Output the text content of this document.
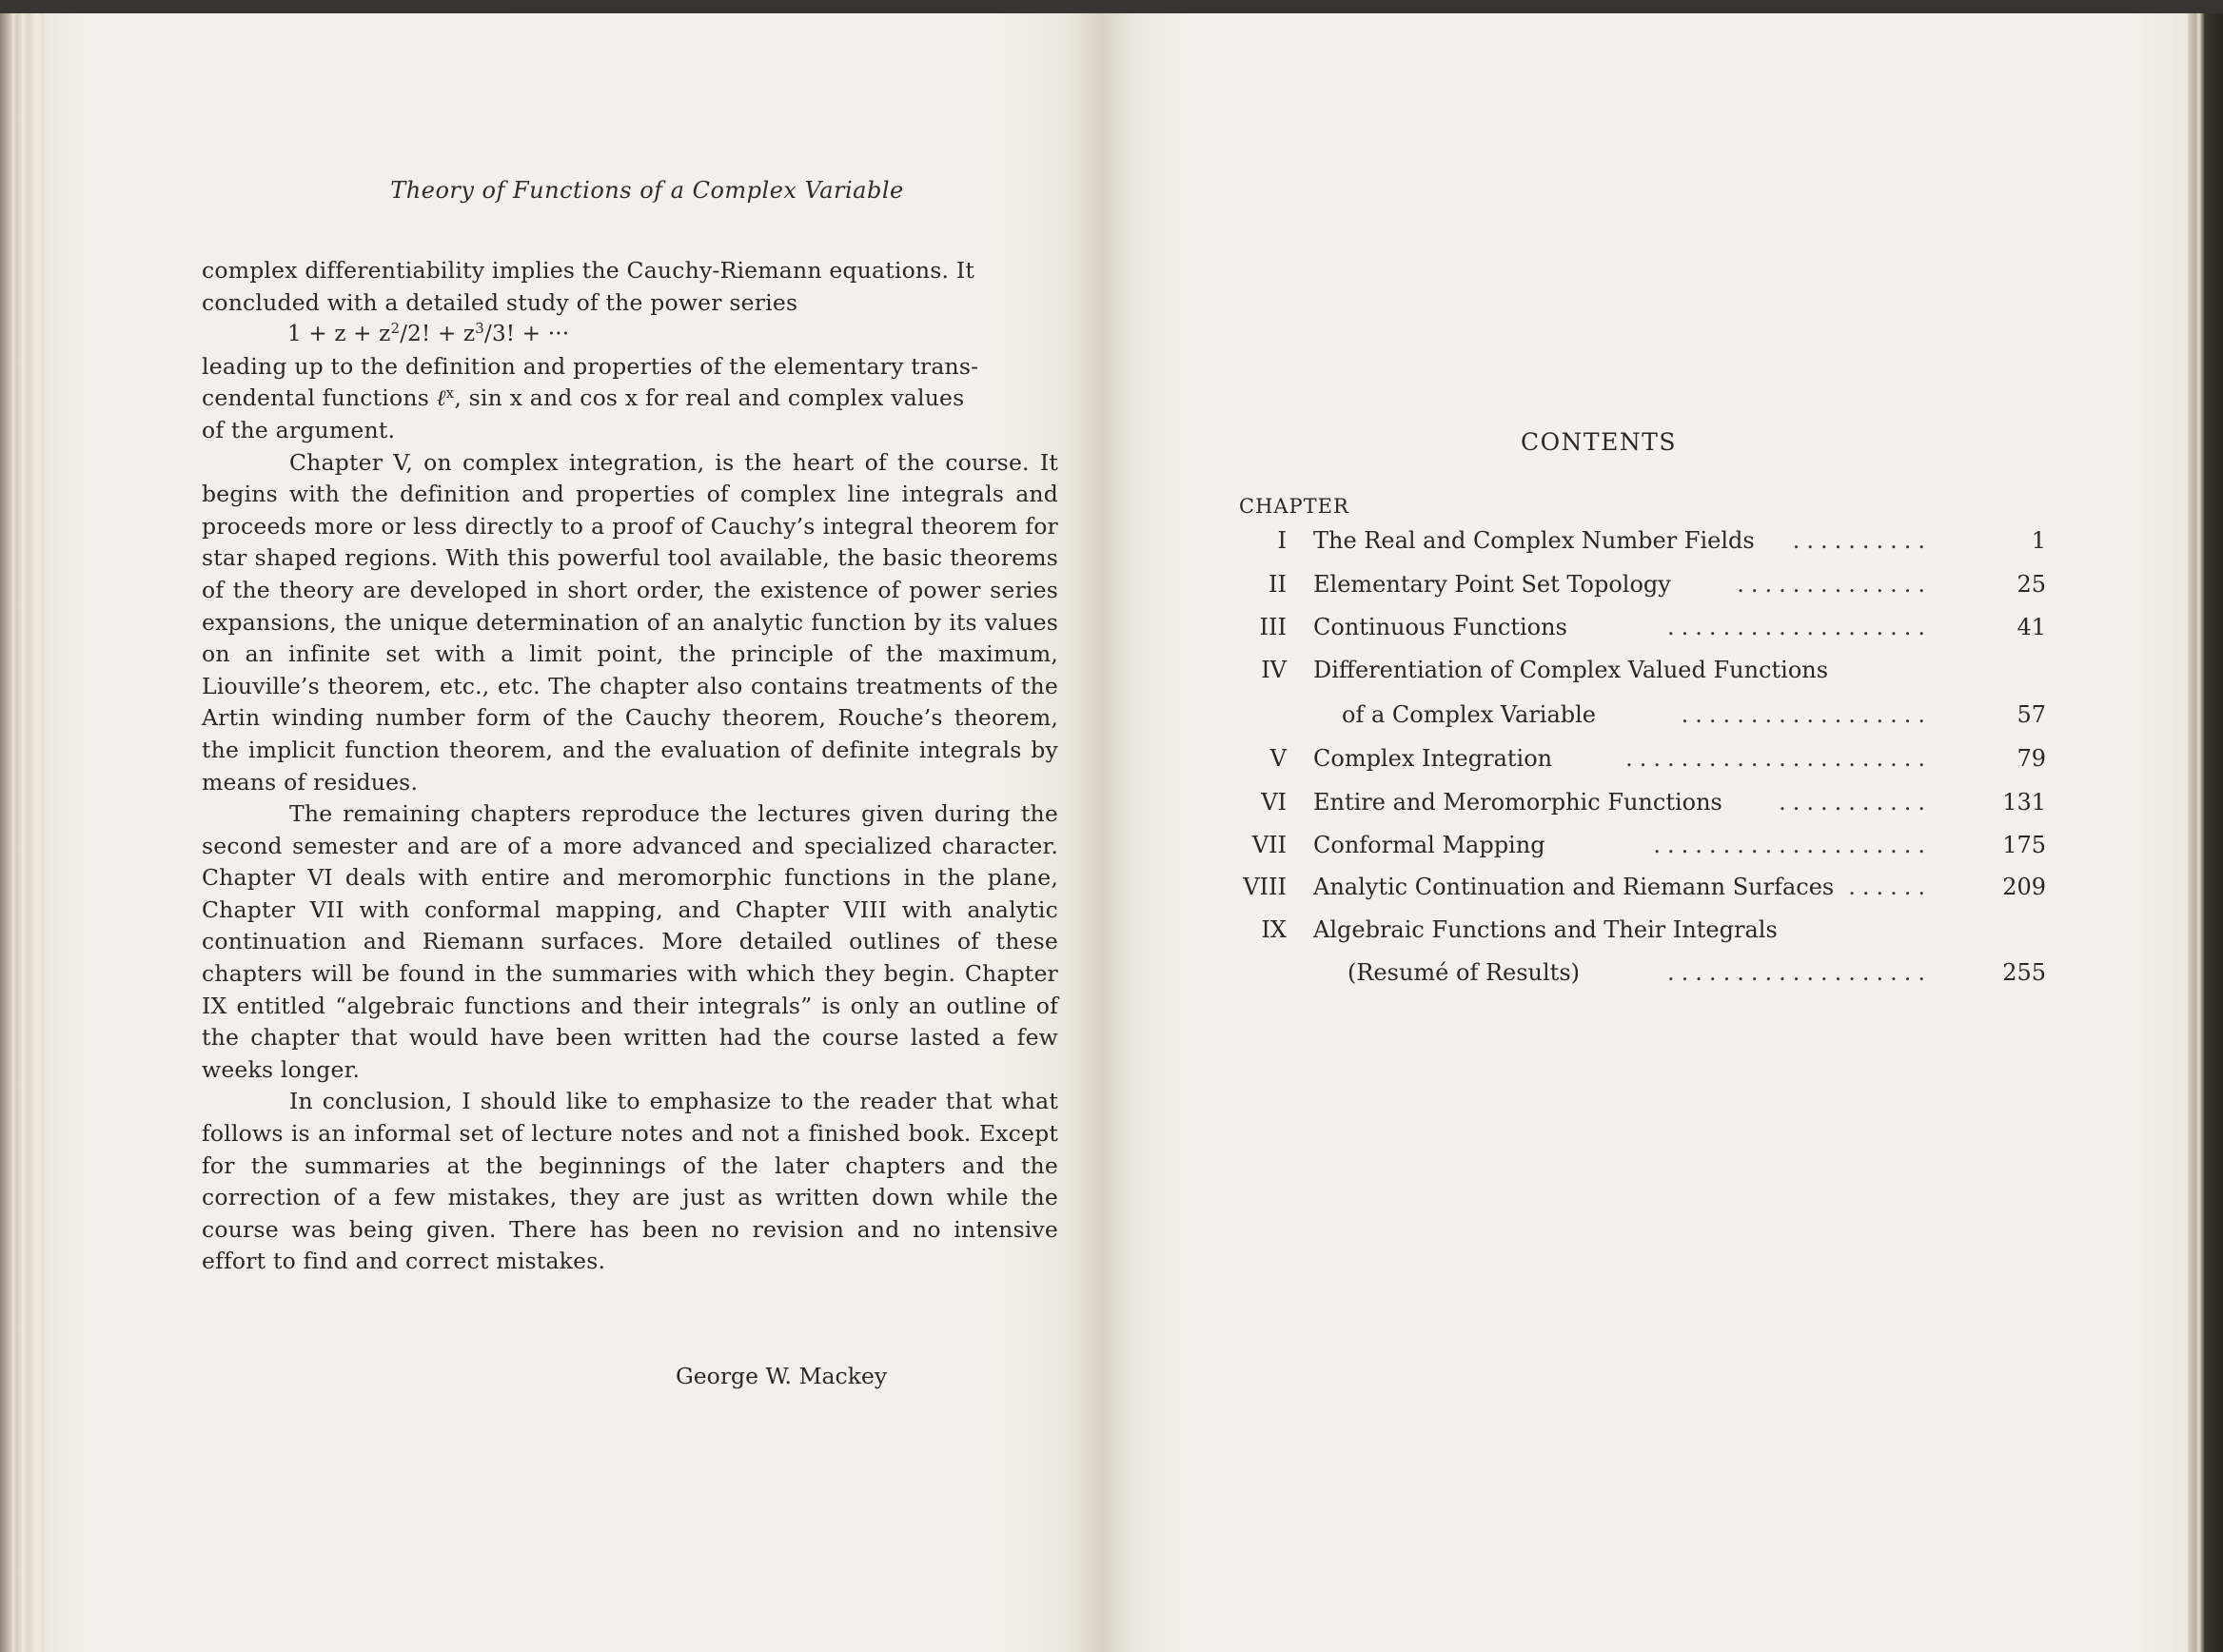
Theory of Functions of a Complex Variable

complex differentiability implies the Cauchy-Riemann equations. It

concluded with a detailed study of the power series

$1 + z + z^2/2$! + $z^3/3$! + ···

leading up to the definition and properties of the elementary trans-

cendental functions ℓ$^x$, sin x and cos x for real and complex values

of the argument.

Chapter V, on complex integration, is the heart of the course. It begins with the definition and properties of complex line integrals and proceeds more or less directly to a proof of Cauchy’s integral theorem for star shaped regions. With this powerful tool available, the basic theorems of the theory are developed in short order, the existence of power series expansions, the unique determination of an analytic function by its values on an infinite set with a limit point, the principle of the maximum, Liouville’s theorem, etc., etc. The chapter also contains treatments of the Artin winding number form of the Cauchy theorem, Rouche’s theorem, the implicit function theorem, and the evaluation of definite integrals by means of residues.

The remaining chapters reproduce the lectures given during the second semester and are of a more advanced and specialized character. Chapter VI deals with entire and meromorphic functions in the plane, Chapter VII with conformal mapping, and Chapter VIII with analytic continuation and Riemann surfaces. More detailed outlines of these chapters will be found in the summaries with which they begin. Chapter IX entitled “algebraic functions and their integrals” is only an outline of the chapter that would have been written had the course lasted a few weeks longer.

In conclusion, I should like to emphasize to the reader that what follows is an informal set of lecture notes and not a finished book. Except for the summaries at the beginnings of the later chapters and the correction of a few mistakes, they are just as written down while the course was being given. There has been no revision and no intensive effort to find and correct mistakes.

George W. Mackey
CONTENTS
CHAPTER
I The Real and Complex Number Fields ..........	1
II Elementary Point Set Topology	..............	25
III Continuous Functions	...................	41
IV Differentiation of Complex Valued Functions
of a Complex Variable	..................	57
V Complex Integration	......................	79
VI Entire and Meromorphic Functions ...........	131
VII Conformal Mapping	....................	175
VIII Analytic Continuation and Riemann Surfaces ......	209
IX Algebraic Functions and Their Integrals
(Resumé of Results)	...................	255
